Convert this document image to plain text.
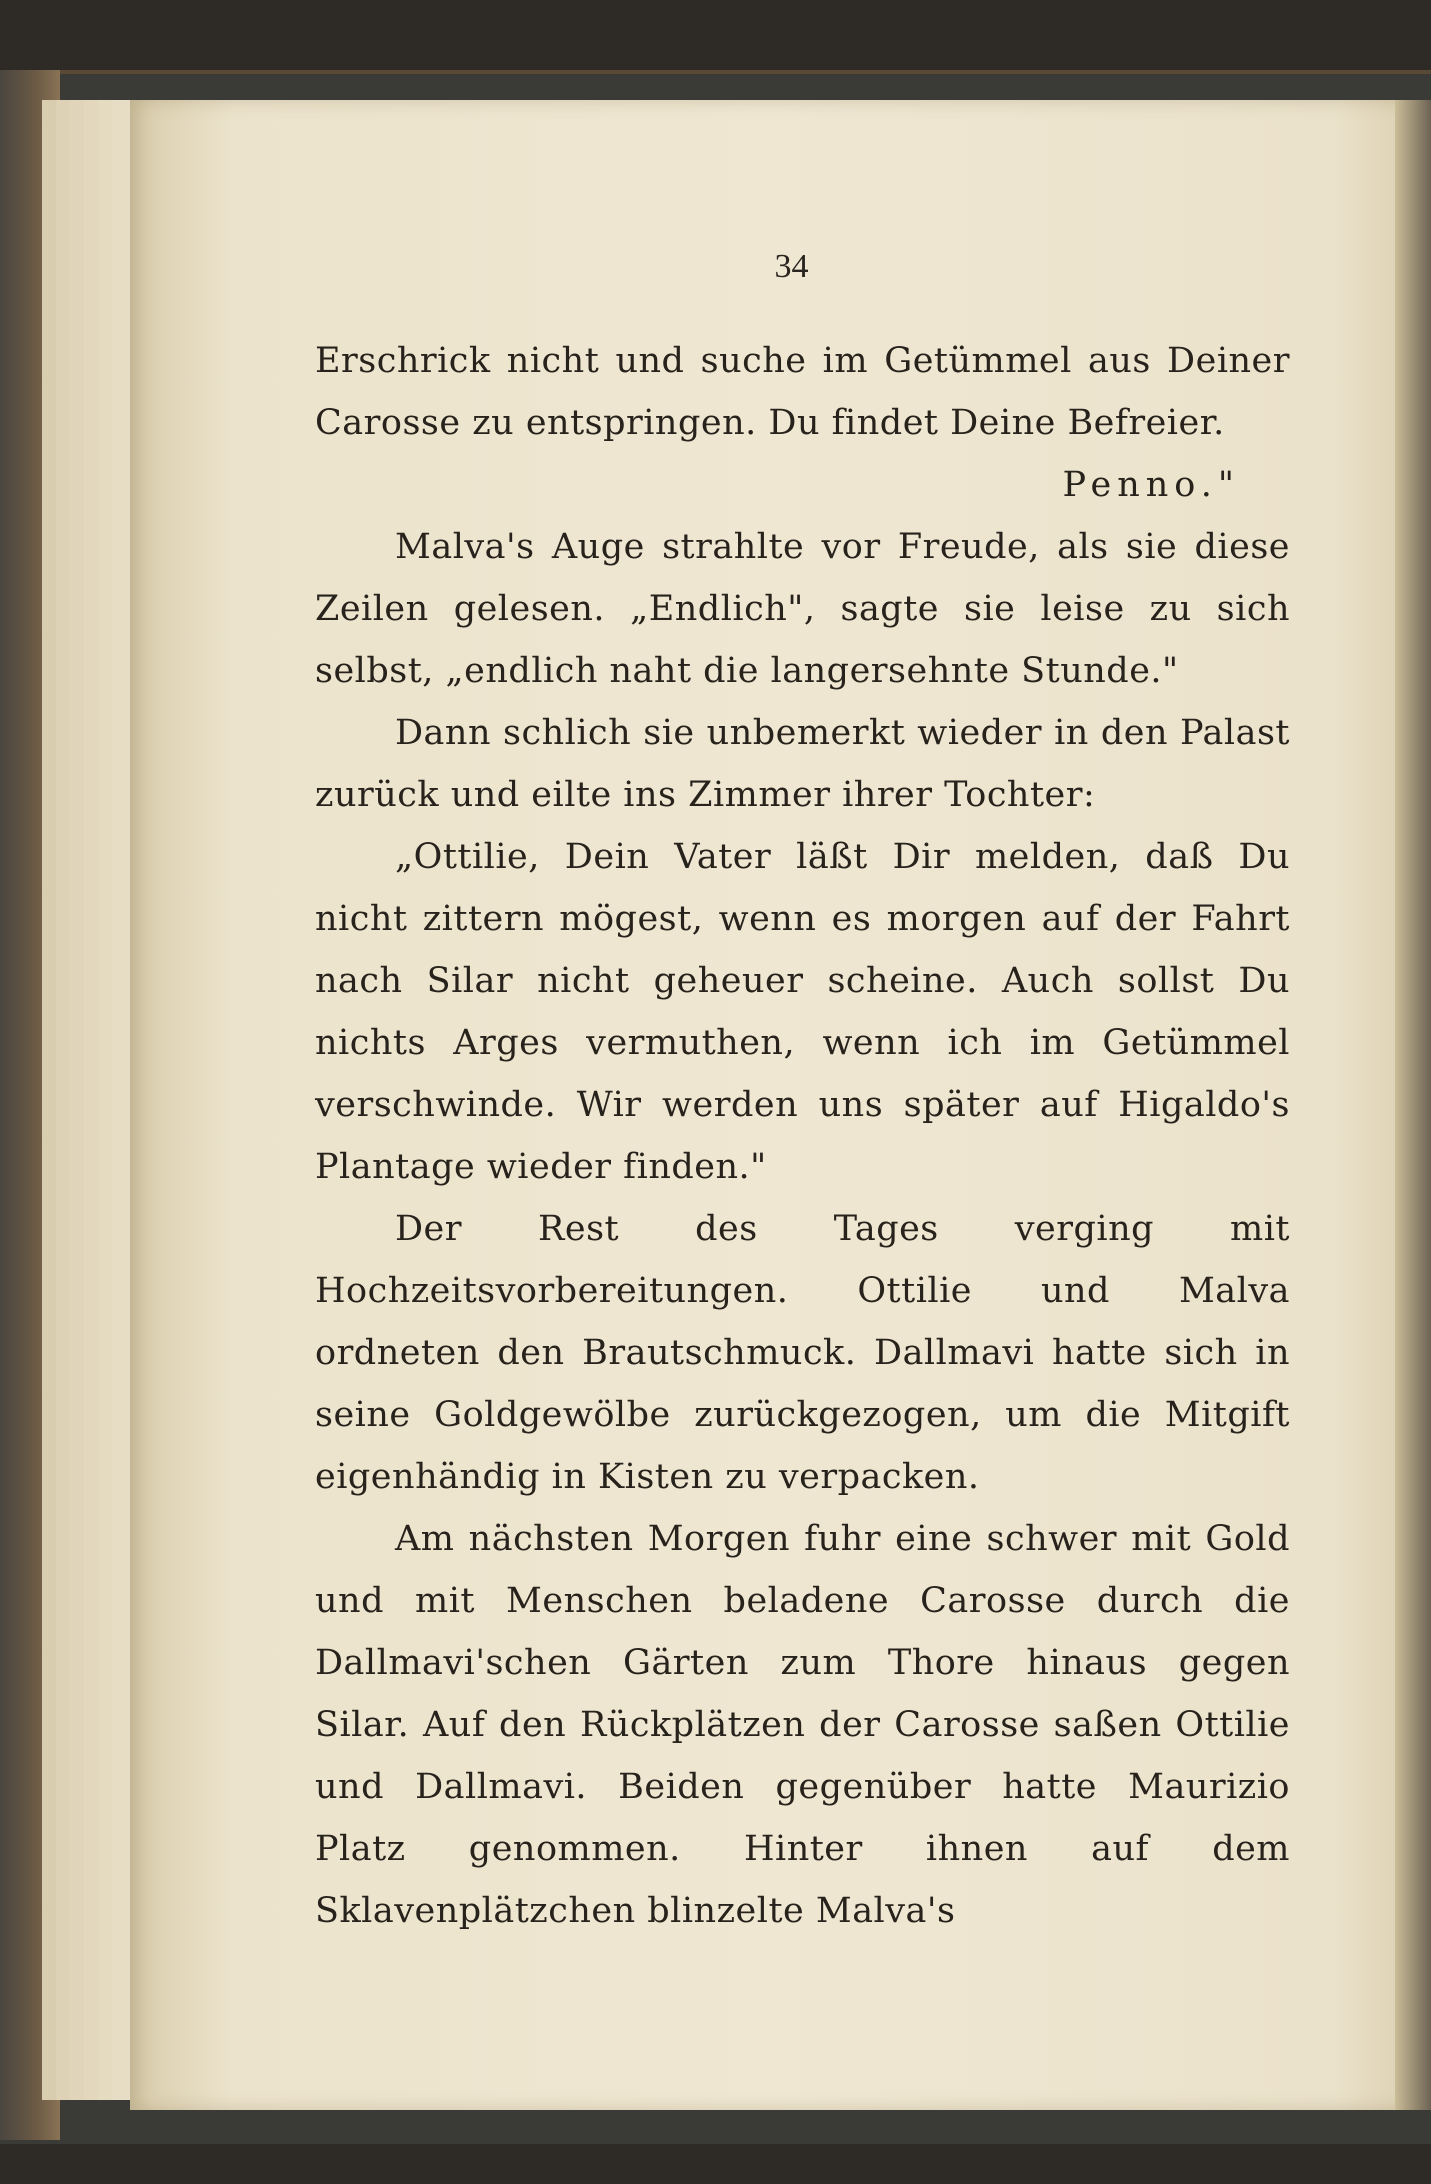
34

Erschrick nicht und suche im Getümmel aus Deiner Carosse zu entspringen. Du findet Deine Befreier.

Penno."

Malva's Auge strahlte vor Freude, als sie diese Zeilen gelesen. „Endlich", sagte sie leise zu sich selbst, „endlich naht die langersehnte Stunde."

Dann schlich sie unbemerkt wieder in den Palast zurück und eilte ins Zimmer ihrer Tochter:

„Ottilie, Dein Vater läßt Dir melden, daß Du nicht zittern mögest, wenn es morgen auf der Fahrt nach Silar nicht geheuer scheine. Auch sollst Du nichts Arges vermuthen, wenn ich im Getümmel verschwinde. Wir werden uns später auf Higaldo's Plantage wieder finden."

Der Rest des Tages verging mit Hochzeitsvorbereitungen. Ottilie und Malva ordneten den Brautschmuck. Dallmavi hatte sich in seine Goldgewölbe zurückgezogen, um die Mitgift eigenhändig in Kisten zu verpacken.

Am nächsten Morgen fuhr eine schwer mit Gold und mit Menschen beladene Carosse durch die Dallmavi'schen Gärten zum Thore hinaus gegen Silar. Auf den Rückplätzen der Carosse saßen Ottilie und Dallmavi. Beiden gegenüber hatte Maurizio Platz genommen. Hinter ihnen auf dem Sklavenplätzchen blinzelte Malva's
